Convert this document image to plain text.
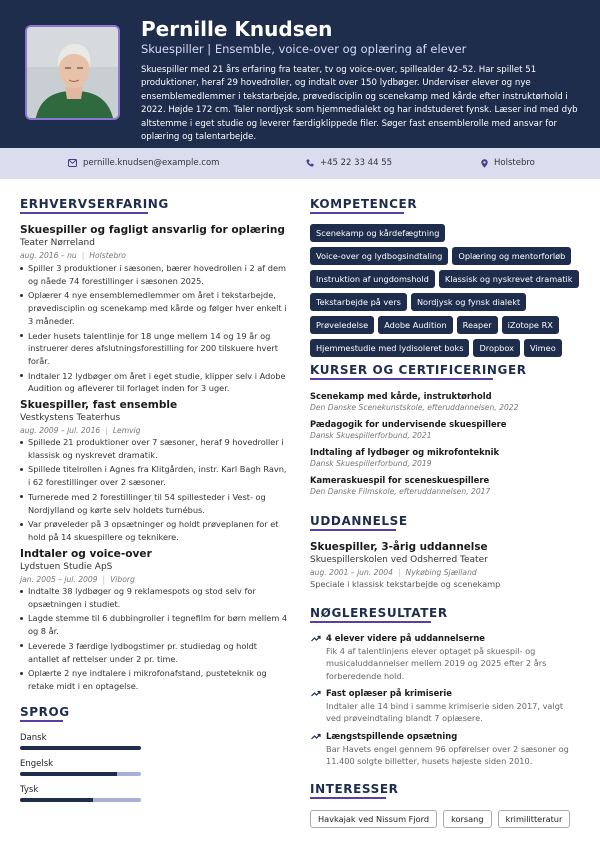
Pernille Knudsen
Skuespiller | Ensemble, voice-over og oplæring af elever
Skuespiller med 21 års erfaring fra teater, tv og voice-over, spillealder 42–52. Har spillet 51 produktioner, heraf 29 hovedroller, og indtalt over 150 lydbøger. Underviser elever og nye ensemblemedlemmer i tekstarbejde, prøvedisciplin og scenekamp med kårde efter instruktørhold i 2022. Højde 172 cm. Taler nordjysk som hjemmedialekt og har indstuderet fynsk. Læser ind med dyb altstemme i eget studie og leverer færdigklippede filer. Søger fast ensemblerolle med ansvar for oplæring og talentarbejde.
pernille.knudsen@example.com	+45 22 33 44 55	Holstebro
ERHVERVSERFARING
Skuespiller og fagligt ansvarlig for oplæring
Teater Nørreland
aug. 2016 – nu | Holstebro
Spiller 3 produktioner i sæsonen, bærer hovedrollen i 2 af dem og nåede 74 forestillinger i sæsonen 2025.
Oplærer 4 nye ensemblemedlemmer om året i tekstarbejde, prøvedisciplin og scenekamp med kårde og følger hver enkelt i 3 måneder.
Leder husets talentlinje for 18 unge mellem 14 og 19 år og instruerer deres afslutningsforestilling for 200 tilskuere hvert forår.
Indtaler 12 lydbøger om året i eget studie, klipper selv i Adobe Audition og afleverer til forlaget inden for 3 uger.
Skuespiller, fast ensemble
Vestkystens Teaterhus
aug. 2009 – jul. 2016 | Lemvig
Spillede 21 produktioner over 7 sæsoner, heraf 9 hovedroller i klassisk og nyskrevet dramatik.
Spillede titelrollen i Agnes fra Klitgården, instr. Karl Bagh Ravn, i 62 forestillinger over 2 sæsoner.
Turnerede med 2 forestillinger til 54 spillesteder i Vest- og Nordjylland og kørte selv holdets turnébus.
Var prøveleder på 3 opsætninger og holdt prøveplanen for et hold på 14 skuespillere og teknikere.
Indtaler og voice-over
Lydstuen Studie ApS
jan. 2005 – jul. 2009 | Viborg
Indtalte 38 lydbøger og 9 reklamespots og stod selv for opsætningen i studiet.
Lagde stemme til 6 dubbingroller i tegnefilm for børn mellem 4 og 8 år.
Leverede 3 færdige lydbogstimer pr. studiedag og holdt antallet af rettelser under 2 pr. time.
Oplærte 2 nye indtalere i mikrofonafstand, pusteteknik og retake midt i en optagelse.
SPROG
Dansk
Engelsk
Tysk
KOMPETENCER
Scenekamp og kårdefægtning
Voice-over og lydbogsindtaling	Oplæring og mentorforløb
Instruktion af ungdomshold	Klassisk og nyskrevet dramatik
Tekstarbejde på vers	Nordjysk og fynsk dialekt
Prøveledelse	Adobe Audition	Reaper	iZotope RX
Hjemmestudie med lydisoleret boks	Dropbox	Vimeo
KURSER OG CERTIFICERINGER
Scenekamp med kårde, instruktørhold
Den Danske Scenekunstskole, efteruddannelsen, 2022
Pædagogik for undervisende skuespillere
Dansk Skuespillerforbund, 2021
Indtaling af lydbøger og mikrofonteknik
Dansk Skuespillerforbund, 2019
Kameraskuespil for sceneskuespillere
Den Danske Filmskole, efteruddannelsen, 2017
UDDANNELSE
Skuespiller, 3-årig uddannelse
Skuespillerskolen ved Odsherred Teater
aug. 2001 – jun. 2004 | Nykøbing Sjælland
Speciale i klassisk tekstarbejde og scenekamp
NØGLERESULTATER
4 elever videre på uddannelserne
Fik 4 af talentlinjens elever optaget på skuespil- og musicaluddannelser mellem 2019 og 2025 efter 2 års forberedende hold.
Fast oplæser på krimiserie
Indtaler alle 14 bind i samme krimiserie siden 2017, valgt ved prøveindtaling blandt 7 oplæsere.
Længstspillende opsætning
Bar Havets engel gennem 96 opførelser over 2 sæsoner og 11.400 solgte billetter, husets højeste siden 2010.
INTERESSER
Havkajak ved Nissum Fjord	korsang	krimilitteratur
